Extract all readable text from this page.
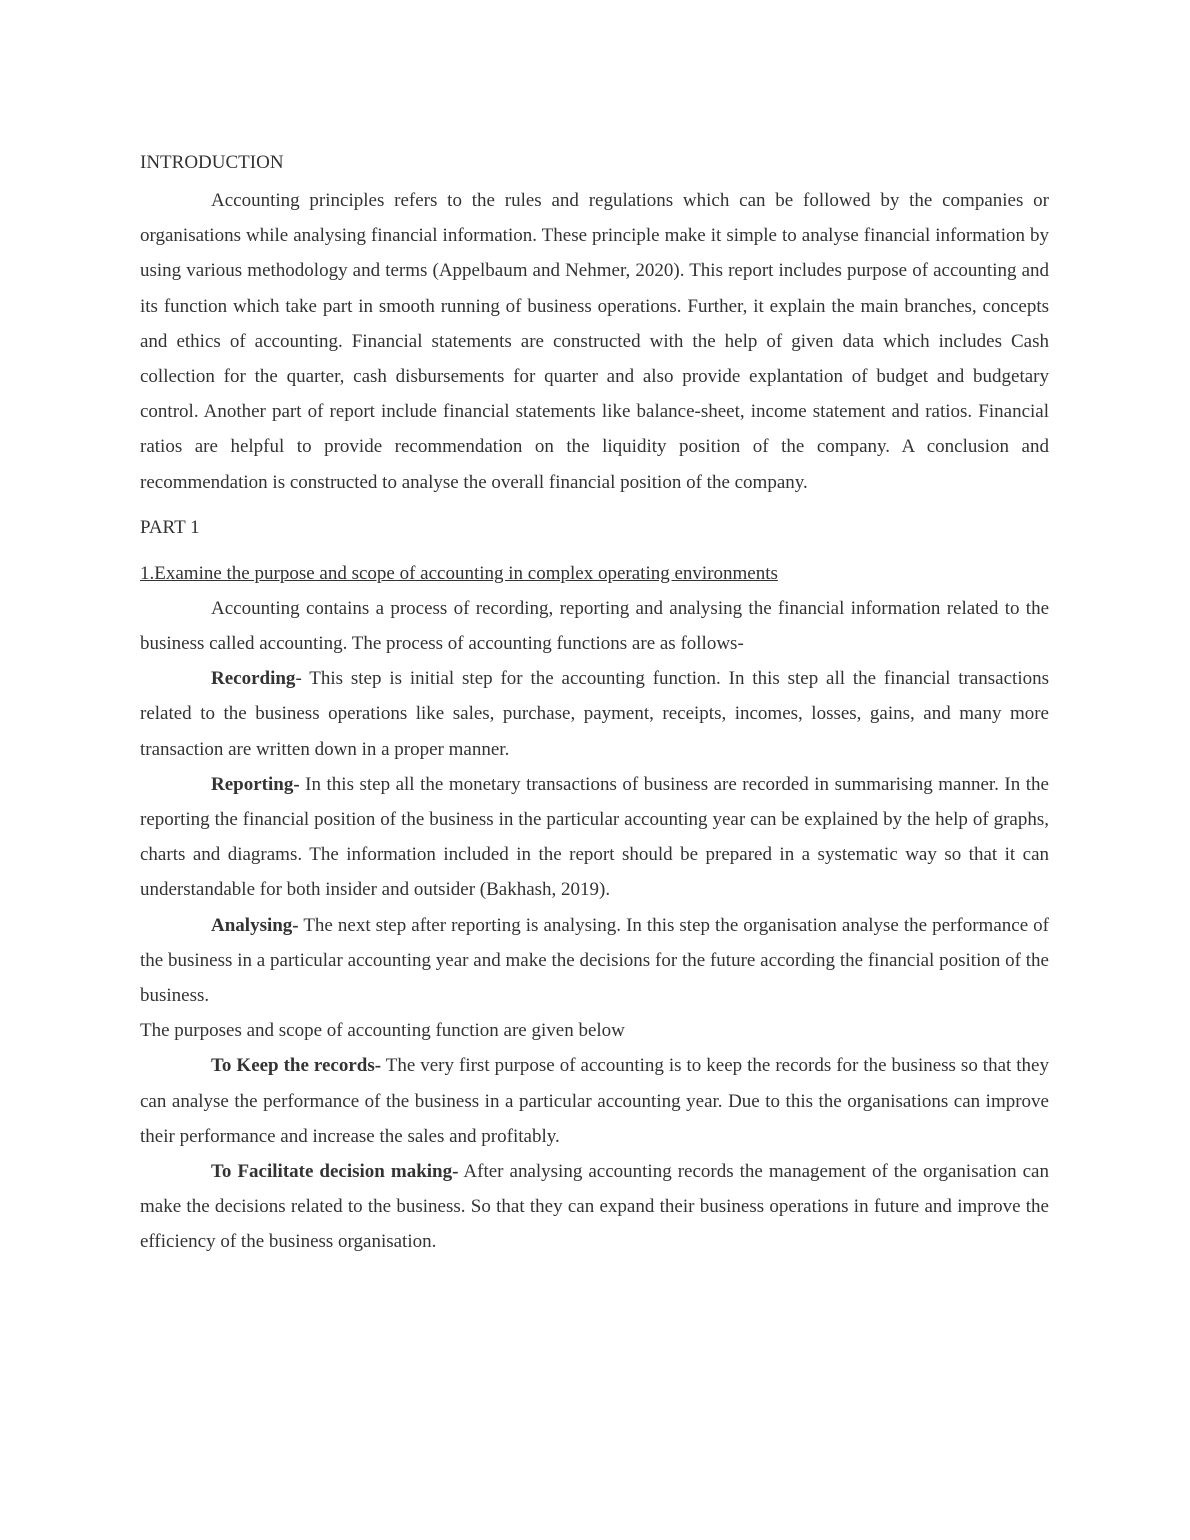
INTRODUCTION

Accounting principles refers to the rules and regulations which can be followed by the companies or organisations while analysing financial information. These principle make it simple to analyse financial information by using various methodology and terms (Appelbaum and Nehmer, 2020). This report includes purpose of accounting and its function which take part in smooth running of business operations. Further, it explain the main branches, concepts and ethics of accounting. Financial statements are constructed with the help of given data which includes Cash collection for the quarter, cash disbursements for quarter and also provide explantation of budget and budgetary control. Another part of report include financial statements like balance-sheet, income statement and ratios. Financial ratios are helpful to provide recommendation on the liquidity position of the company. A conclusion and recommendation is constructed to analyse the overall financial position of the company.

PART 1

1.Examine the purpose and scope of accounting in complex operating environments

Accounting contains a process of recording, reporting and analysing the financial information related to the business called accounting. The process of accounting functions are as follows-

Recording- This step is initial step for the accounting function. In this step all the financial transactions related to the business operations like sales, purchase, payment, receipts, incomes, losses, gains, and many more transaction are written down in a proper manner.

Reporting- In this step all the monetary transactions of business are recorded in summarising manner. In the reporting the financial position of the business in the particular accounting year can be explained by the help of graphs, charts and diagrams. The information included in the report should be prepared in a systematic way so that it can understandable for both insider and outsider (Bakhash, 2019).

Analysing- The next step after reporting is analysing. In this step the organisation analyse the performance of the business in a particular accounting year and make the decisions for the future according the financial position of the business.

The purposes and scope of accounting function are given below

To Keep the records- The very first purpose of accounting is to keep the records for the business so that they can analyse the performance of the business in a particular accounting year. Due to this the organisations can improve their performance and increase the sales and profitably.

To Facilitate decision making- After analysing accounting records the management of the organisation can make the decisions related to the business. So that they can expand their business operations in future and improve the efficiency of the business organisation.
